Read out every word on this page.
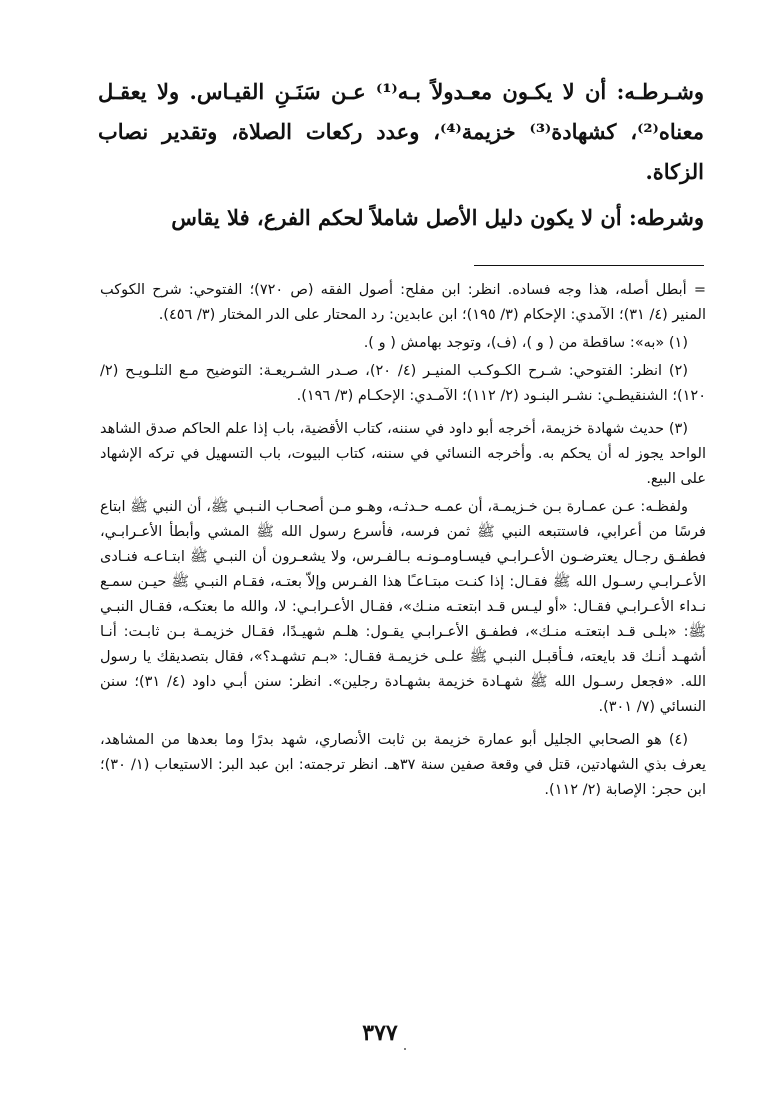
وشـرطـه: أن لا يكـون معـدولاً بـه⁽¹⁾ عـن سَنَـنِ القيـاس. ولا يعقـل معناه⁽²⁾، كشهادة⁽³⁾ خزيمة⁽⁴⁾، وعدد ركعات الصلاة، وتقدير نصاب الزكاة.

وشرطه: أن لا يكون دليل الأصل شاملاً لحكم الفرع، فلا يقاس

= أبطل أصله، هذا وجه فساده. انظر: ابن مفلح: أصول الفقه (ص ٧٢٠)؛ الفتوحي: شرح الكوكب المنير (٤/ ٣١)؛ الآمدي: الإحكام (٣/ ١٩٥)؛ ابن عابدين: رد المحتار على الدر المختار (٣/ ٤٥٦).

(١) «به»: ساقطة من ( و )، (ف)، وتوجد بهامش ( و ).

(٢) انظر: الفتوحي: شـرح الكـوكـب المنيـر (٤/ ٢٠)، صـدر الشـريعـة: التوضيح مـع التلـويـح (٢/ ١٢٠)؛ الشنقيطـي: نشـر البنـود (٢/ ١١٢)؛ الآمـدي: الإحكـام (٣/ ١٩٦).

(٣) حديث شهادة خزيمة، أخرجه أبو داود في سننه، كتاب الأقضية، باب إذا علم الحاكم صدق الشاهد الواحد يجوز له أن يحكم به. وأخرجه النسائي في سننه، كتاب البيوت، باب التسهيل في تركه الإشهاد على البيع.

ولفظـه: عـن عمـارة بـن خـزيمـة، أن عمـه حـدثـه، وهـو مـن أصحـاب النـبـي ﷺ، أن النبي ﷺ ابتاع فرسًا من أعرابي، فاستتبعه النبي ﷺ ثمن فرسه، فأسرع رسول الله ﷺ المشي وأبطأ الأعـرابـي، فطفـق رجـال يعترضـون الأعـرابـي فيسـاومـونـه بـالفـرس، ولا يشعـرون أن النبـي ﷺ ابتـاعـه فنـادى الأعـرابـي رسـول الله ﷺ فقـال: إذا كنـت مبتـاعـًا هذا الفـرس وإلاّ بعتـه، فقـام النبـي ﷺ حيـن سمـع نـداء الأعـرابـي فقـال: «أو ليـس قـد ابتعتـه منـك»، فقـال الأعـرابـي: لا، والله ما بعتكـه، فقـال النبـي ﷺ: «بلـى قـد ابتعتـه منـك»، فطفـق الأعـرابـي يقـول: هلـم شهيـدًا، فقـال خزيمـة بـن ثابـت: أنـا أشهـد أنـك قد بايعته، فـأقبـل النبـي ﷺ علـى خزيمـة فقـال: «بـم تشهـد؟»، فقال بتصديقك يا رسول الله. «فجعل رسـول الله ﷺ شهـادة خزيمة بشهـادة رجلين». انظر: سنن أبـي داود (٤/ ٣١)؛ سنن النسائي (٧/ ٣٠١).

(٤) هو الصحابي الجليل أبو عمارة خزيمة بن ثابت الأنصاري، شهد بدرًا وما بعدها من المشاهد، يعرف بذي الشهادتين، قتل في وقعة صفين سنة ٣٧هـ. انظر ترجمته: ابن عبد البر: الاستيعاب (١/ ٣٠)؛ ابن حجر: الإصابة (٢/ ١١٢).

٣٧٧
